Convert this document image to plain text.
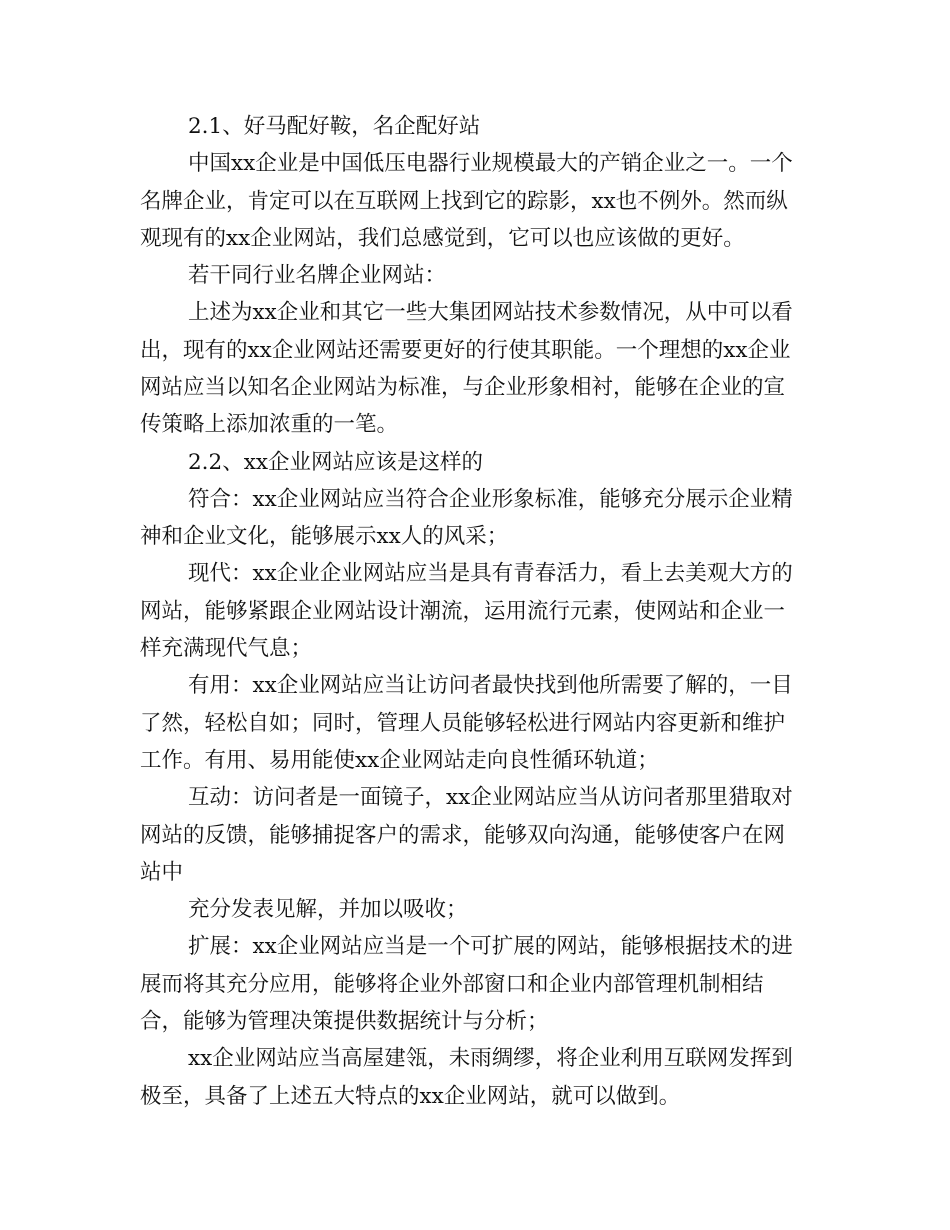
2.1、好马配好鞍，名企配好站
中国xx企业是中国低压电器行业规模最大的产销企业之一。一个
名牌企业，肯定可以在互联网上找到它的踪影，xx也不例外。然而纵
观现有的xx企业网站，我们总感觉到，它可以也应该做的更好。
若干同行业名牌企业网站：
上述为xx企业和其它一些大集团网站技术参数情况，从中可以看
出，现有的xx企业网站还需要更好的行使其职能。一个理想的xx企业
网站应当以知名企业网站为标准，与企业形象相衬，能够在企业的宣
传策略上添加浓重的一笔。
2.2、xx企业网站应该是这样的
符合：xx企业网站应当符合企业形象标准，能够充分展示企业精
神和企业文化，能够展示xx人的风采；
现代：xx企业企业网站应当是具有青春活力，看上去美观大方的
网站，能够紧跟企业网站设计潮流，运用流行元素，使网站和企业一
样充满现代气息；
有用：xx企业网站应当让访问者最快找到他所需要了解的，一目
了然，轻松自如；同时，管理人员能够轻松进行网站内容更新和维护
工作。有用、易用能使xx企业网站走向良性循环轨道；
互动：访问者是一面镜子，xx企业网站应当从访问者那里猎取对
网站的反馈，能够捕捉客户的需求，能够双向沟通，能够使客户在网
站中
充分发表见解，并加以吸收；
扩展：xx企业网站应当是一个可扩展的网站，能够根据技术的进
展而将其充分应用，能够将企业外部窗口和企业内部管理机制相结
合，能够为管理决策提供数据统计与分析；
xx企业网站应当高屋建瓴，未雨绸缪，将企业利用互联网发挥到
极至，具备了上述五大特点的xx企业网站，就可以做到。
